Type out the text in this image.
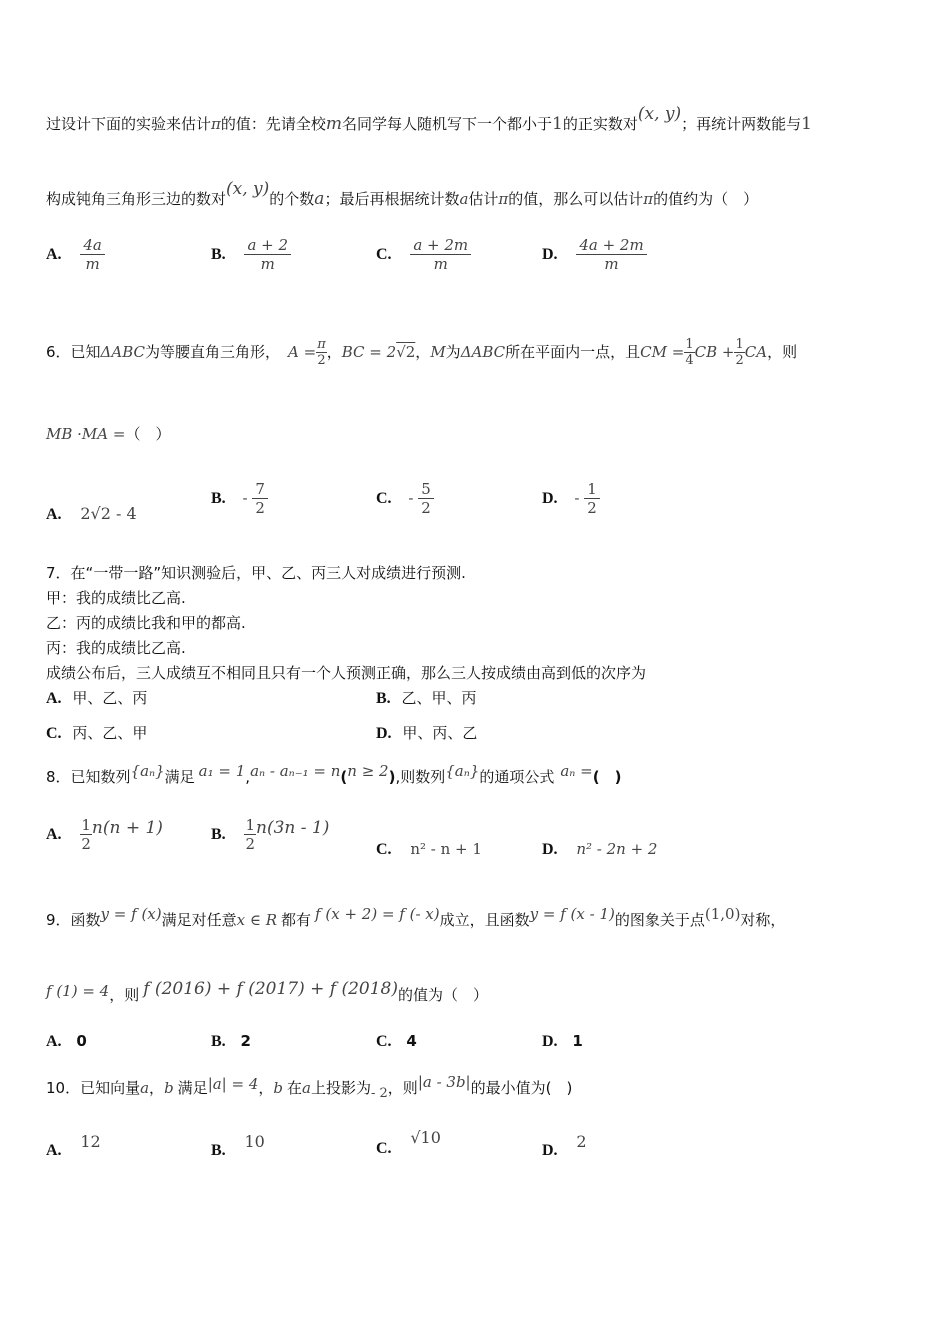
过设计下面的实验来估计π的值：先请全校m名同学每人随机写下一个都小于1的正实数对(x, y)；再统计两数能与1
构成钝角三角形三边的数对(x, y)的个数a；最后再根据统计数a估计π的值，那么可以估计π的值约为（　）
A. $\frac{4a}{m}$	B. $\frac{a + 2}{m}$	C. $\frac{a + 2m}{m}$	D. $\frac{4a + 2m}{m}$
6．已知ΔABC为等腰直角三角形， $A = \frac{\pi}{2}$ ，BC = 2√2，M为ΔABC所在平面内一点，且CM = $\frac{1}{4}$ CB + $\frac{1}{2}$ CA，则
MB ·MA =（　）
A. 2√2 - 4
B. - $\frac{7}{2}$	C. - $\frac{5}{2}$	D. - $\frac{1}{2}$
7．在“一带一路”知识测验后，甲、乙、丙三人对成绩进行预测.
甲：我的成绩比乙高.
乙：丙的成绩比我和甲的都高.
丙：我的成绩比乙高.
成绩公布后，三人成绩互不相同且只有一个人预测正确，那么三人按成绩由高到低的次序为
A. 甲、乙、丙	B. 乙、甲、丙
C. 丙、乙、甲	D. 甲、丙、乙
8．已知数列{aₙ}满足 a₁ = 1,aₙ - aₙ₋₁ = n(n ≥ 2),则数列{aₙ}的通项公式 aₙ =(　)
A. $\frac{1}{2} n(n + 1)$	B. $\frac{1}{2} n(3n - 1)$
C. n² - n + 1	D. n² - 2n + 2
9．函数y = f (x)满足对任意x ∈ R 都有 f (x + 2) = f (- x)成立，且函数y = f (x - 1)的图象关于点(1,0)对称，
f (1) = 4，则 f (2016) + f (2017) + f (2018)的值为（　）
A. 0	B. 2	C. 4	D. 1
10．已知向量a，b 满足|a| = 4，b 在a上投影为- 2，则|a - 3b|的最小值为(　)
A. 12	B. 10	C. √10
D. 2
